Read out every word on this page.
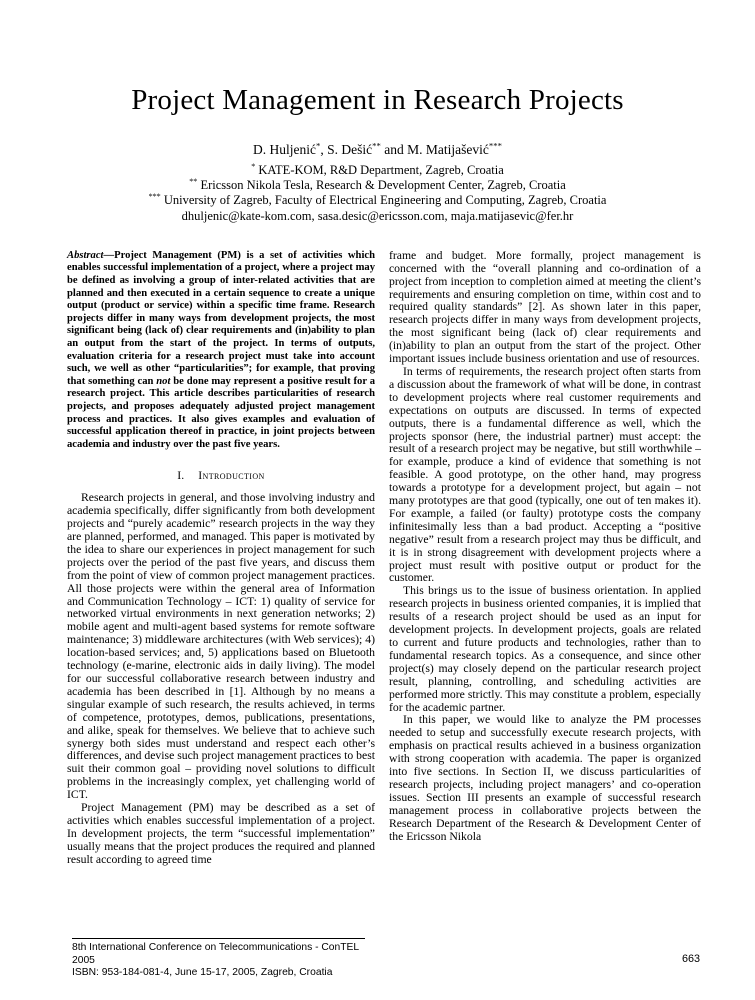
Project Management in Research Projects
D. Huljenić*, S. Dešić** and M. Matijašević***
* KATE-KOM, R&D Department, Zagreb, Croatia
** Ericsson Nikola Tesla, Research & Development Center, Zagreb, Croatia
*** University of Zagreb, Faculty of Electrical Engineering and Computing, Zagreb, Croatia
dhuljenic@kate-kom.com, sasa.desic@ericsson.com, maja.matijasevic@fer.hr

Abstract—Project Management (PM) is a set of activities which enables successful implementation of a project, where a project may be defined as involving a group of inter-related activities that are planned and then executed in a certain sequence to create a unique output (product or service) within a specific time frame. Research projects differ in many ways from development projects, the most significant being (lack of) clear requirements and (in)ability to plan an output from the start of the project. In terms of outputs, evaluation criteria for a research project must take into account such, we well as other “particularities”; for example, that proving that something can not be done may represent a positive result for a research project. This article describes particularities of research projects, and proposes adequately adjusted project management process and practices. It also gives examples and evaluation of successful application thereof in practice, in joint projects between academia and industry over the past five years.

I. Introduction

Research projects in general, and those involving industry and academia specifically, differ significantly from both development projects and “purely academic” research projects in the way they are planned, performed, and managed. This paper is motivated by the idea to share our experiences in project management for such projects over the period of the past five years, and discuss them from the point of view of common project management practices. All those projects were within the general area of Information and Communication Technology – ICT: 1) quality of service for networked virtual environments in next generation networks; 2) mobile agent and multi-agent based systems for remote software maintenance; 3) middleware architectures (with Web services); 4) location-based services; and, 5) applications based on Bluetooth technology (e-marine, electronic aids in daily living). The model for our successful collaborative research between industry and academia has been described in [1]. Although by no means a singular example of such research, the results achieved, in terms of competence, prototypes, demos, publications, presentations, and alike, speak for themselves. We believe that to achieve such synergy both sides must understand and respect each other’s differences, and devise such project management practices to best suit their common goal – providing novel solutions to difficult problems in the increasingly complex, yet challenging world of ICT.

Project Management (PM) may be described as a set of activities which enables successful implementation of a project. In development projects, the term “successful implementation” usually means that the project produces the required and planned result according to agreed time

frame and budget. More formally, project management is concerned with the “overall planning and co-ordination of a project from inception to completion aimed at meeting the client’s requirements and ensuring completion on time, within cost and to required quality standards” [2]. As shown later in this paper, research projects differ in many ways from development projects, the most significant being (lack of) clear requirements and (in)ability to plan an output from the start of the project. Other important issues include business orientation and use of resources.

In terms of requirements, the research project often starts from a discussion about the framework of what will be done, in contrast to development projects where real customer requirements and expectations on outputs are discussed. In terms of expected outputs, there is a fundamental difference as well, which the projects sponsor (here, the industrial partner) must accept: the result of a research project may be negative, but still worthwhile – for example, produce a kind of evidence that something is not feasible. A good prototype, on the other hand, may progress towards a prototype for a development project, but again – not many prototypes are that good (typically, one out of ten makes it). For example, a failed (or faulty) prototype costs the company infinitesimally less than a bad product. Accepting a “positive negative” result from a research project may thus be difficult, and it is in strong disagreement with development projects where a project must result with positive output or product for the customer.

This brings us to the issue of business orientation. In applied research projects in business oriented companies, it is implied that results of a research project should be used as an input for development projects. In development projects, goals are related to current and future products and technologies, rather than to fundamental research topics. As a consequence, and since other project(s) may closely depend on the particular research project result, planning, controlling, and scheduling activities are performed more strictly. This may constitute a problem, especially for the academic partner.

In this paper, we would like to analyze the PM processes needed to setup and successfully execute research projects, with emphasis on practical results achieved in a business organization with strong cooperation with academia. The paper is organized into five sections. In Section II, we discuss particularities of research projects, including project managers’ and co-operation issues. Section III presents an example of successful research management process in collaborative projects between the Research Department of the Research & Development Center of the Ericsson Nikola

8th International Conference on Telecommunications - ConTEL 2005
ISBN: 953-184-081-4, June 15-17, 2005, Zagreb, Croatia
663
